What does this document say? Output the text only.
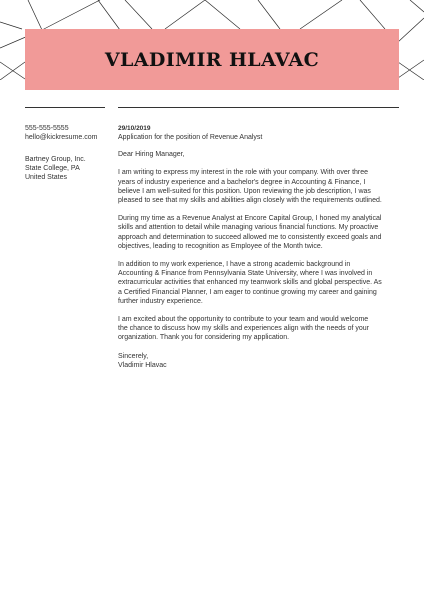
VLADIMIR HLAVAC
555-555-5555
hello@kickresume.com
Bartney Group, Inc.
State College, PA
United States
29/10/2019
Application for the position of Revenue Analyst

Dear Hiring Manager,

I am writing to express my interest in the role with your company. With over three
years of industry experience and a bachelor's degree in Accounting & Finance, I
believe I am well-suited for this position. Upon reviewing the job description, I was
pleased to see that my skills and abilities align closely with the requirements outlined.

During my time as a Revenue Analyst at Encore Capital Group, I honed my analytical
skills and attention to detail while managing various financial functions. My proactive
approach and determination to succeed allowed me to consistently exceed goals and
objectives, leading to recognition as Employee of the Month twice.

In addition to my work experience, I have a strong academic background in
Accounting & Finance from Pennsylvania State University, where I was involved in
extracurricular activities that enhanced my teamwork skills and global perspective. As
a Certified Financial Planner, I am eager to continue growing my career and gaining
further industry experience.

I am excited about the opportunity to contribute to your team and would welcome
the chance to discuss how my skills and experiences align with the needs of your
organization. Thank you for considering my application.

Sincerely,
Vladimir Hlavac
